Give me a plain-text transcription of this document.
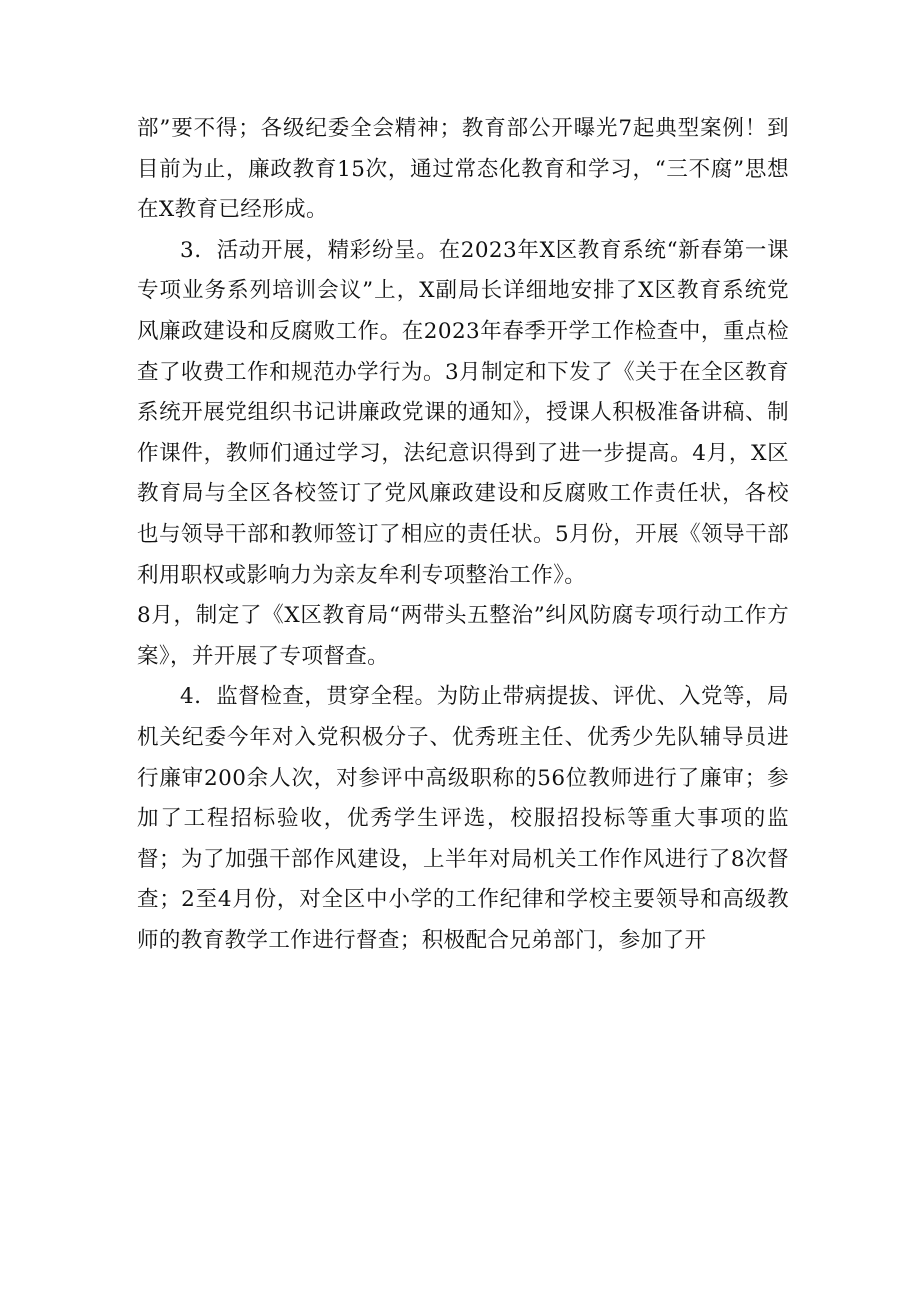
部”要不得；各级纪委全会精神；教育部公开曝光7起典型案例！到目前为止，廉政教育15次，通过常态化教育和学习，“三不腐”思想在X教育已经形成。

3．活动开展，精彩纷呈。在2023年X区教育系统“新春第一课专项业务系列培训会议”上，X副局长详细地安排了X区教育系统党风廉政建设和反腐败工作。在2023年春季开学工作检查中，重点检查了收费工作和规范办学行为。3月制定和下发了《关于在全区教育系统开展党组织书记讲廉政党课的通知》，授课人积极准备讲稿、制作课件，教师们通过学习，法纪意识得到了进一步提高。4月，X区教育局与全区各校签订了党风廉政建设和反腐败工作责任状，各校也与领导干部和教师签订了相应的责任状。5月份，开展《领导干部利用职权或影响力为亲友牟利专项整治工作》。

8月，制定了《X区教育局“两带头五整治”纠风防腐专项行动工作方案》，并开展了专项督查。

4．监督检查，贯穿全程。为防止带病提拔、评优、入党等，局机关纪委今年对入党积极分子、优秀班主任、优秀少先队辅导员进行廉审200余人次，对参评中高级职称的56位教师进行了廉审；参加了工程招标验收，优秀学生评选，校服招投标等重大事项的监督；为了加强干部作风建设，上半年对局机关工作作风进行了8次督查；2至4月份，对全区中小学的工作纪律和学校主要领导和高级教师的教育教学工作进行督查；积极配合兄弟部门，参加了开
